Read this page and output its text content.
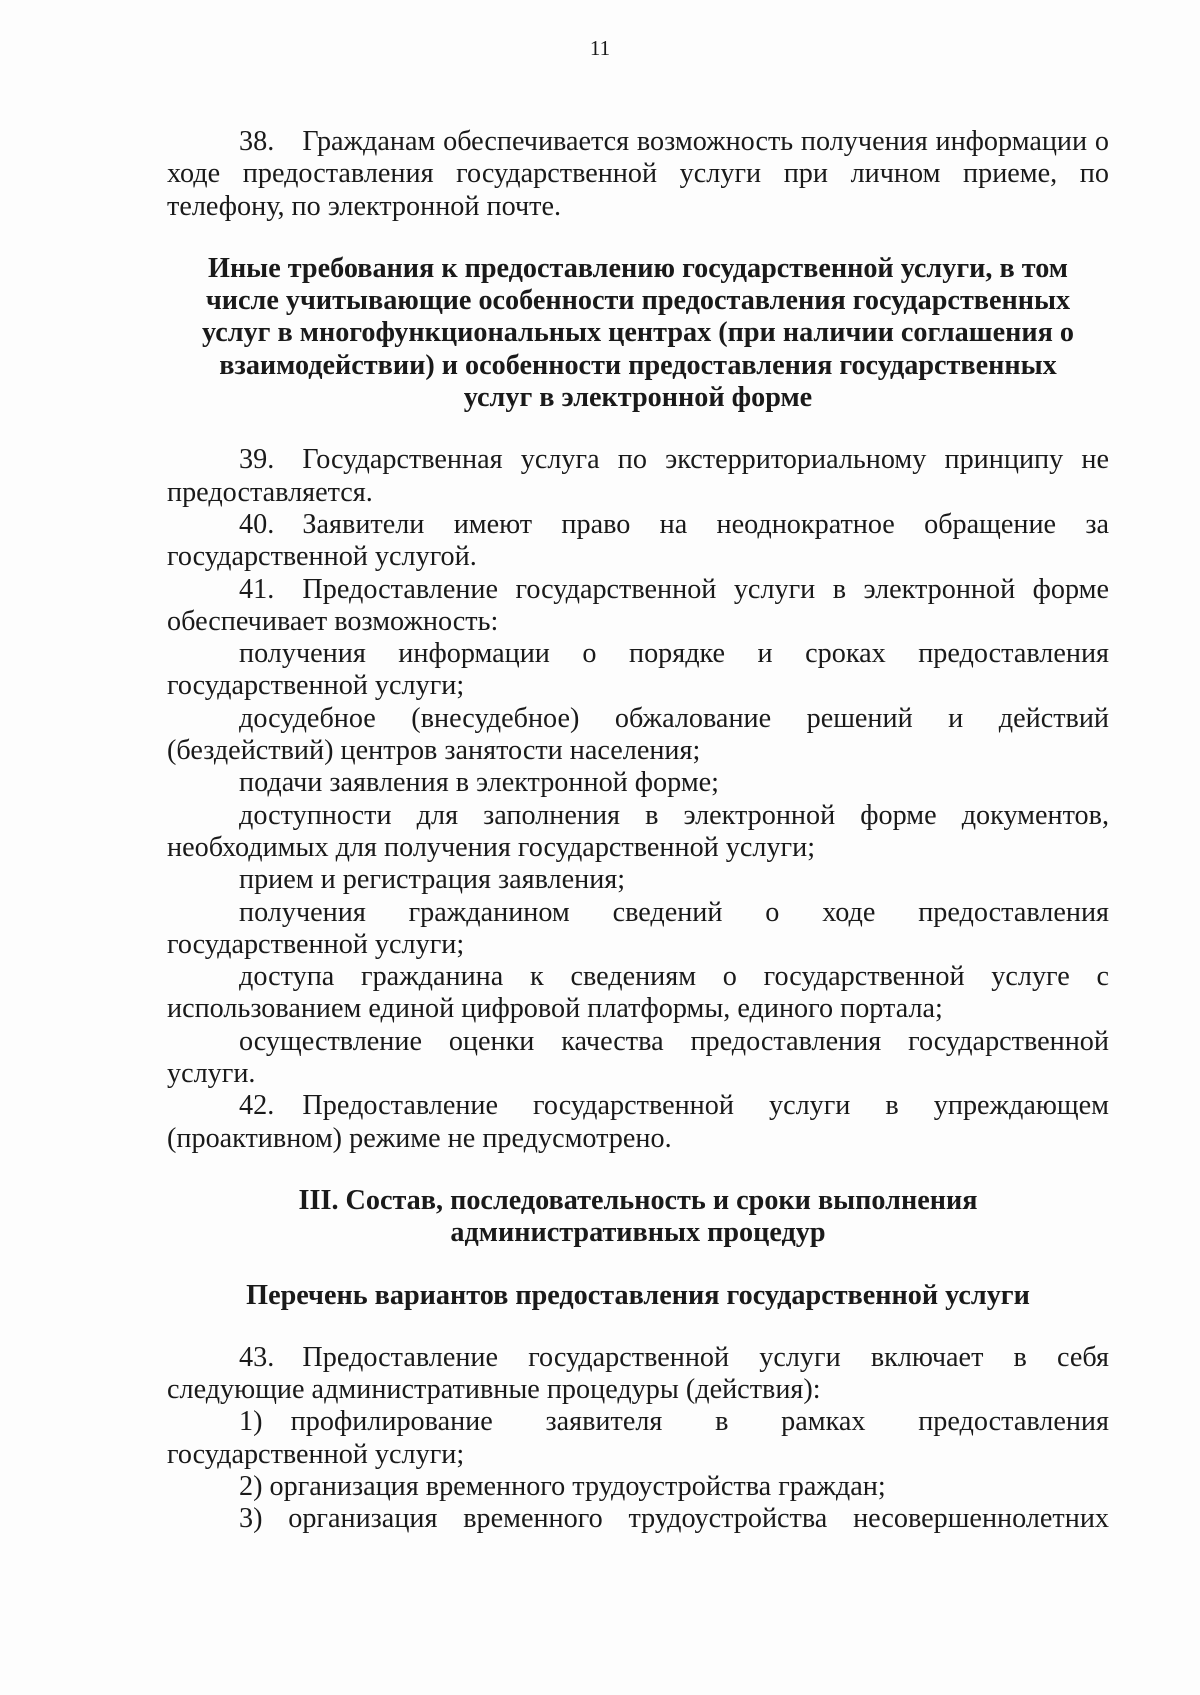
11

38. Гражданам обеспечивается возможность получения информации о ходе предоставления государственной услуги при личном приеме, по телефону, по электронной почте.

Иные требования к предоставлению государственной услуги, в том числе учитывающие особенности предоставления государственных услуг в многофункциональных центрах (при наличии соглашения о взаимодействии) и особенности предоставления государственных услуг в электронной форме

39. Государственная услуга по экстерриториальному принципу не предоставляется.

40. Заявители имеют право на неоднократное обращение за государственной услугой.

41. Предоставление государственной услуги в электронной форме обеспечивает возможность:

получения информации о порядке и сроках предоставления государственной услуги;

досудебное (внесудебное) обжалование решений и действий (бездействий) центров занятости населения;

подачи заявления в электронной форме;

доступности для заполнения в электронной форме документов, необходимых для получения государственной услуги;

прием и регистрация заявления;

получения гражданином сведений о ходе предоставления государственной услуги;

доступа гражданина к сведениям о государственной услуге с использованием единой цифровой платформы, единого портала;

осуществление оценки качества предоставления государственной услуги.

42. Предоставление государственной услуги в упреждающем (проактивном) режиме не предусмотрено.

III. Состав, последовательность и сроки выполнения административных процедур
Перечень вариантов предоставления государственной услуги

43. Предоставление государственной услуги включает в себя следующие административные процедуры (действия):

1) профилирование заявителя в рамках предоставления государственной услуги;

2) организация временного трудоустройства граждан;

3) организация временного трудоустройства несовершеннолетних
